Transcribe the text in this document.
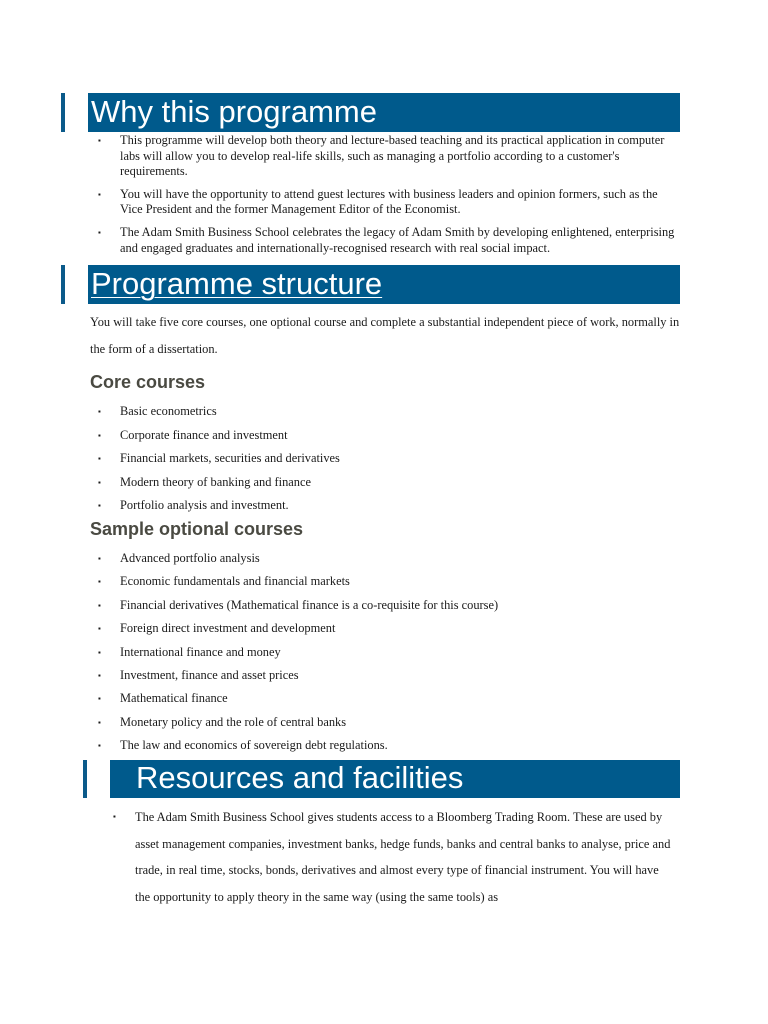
Why this programme
▪ This programme will develop both theory and lecture-based teaching and its practical application in computer labs will allow you to develop real-life skills, such as managing a portfolio according to a customer's requirements.
▪ You will have the opportunity to attend guest lectures with business leaders and opinion formers, such as the Vice President and the former Management Editor of the Economist.
▪ The Adam Smith Business School celebrates the legacy of Adam Smith by developing enlightened, enterprising and engaged graduates and internationally-recognised research with real social impact.
Programme structure
You will take five core courses, one optional course and complete a substantial independent piece of work, normally in the form of a dissertation.
Core courses
▪ Basic econometrics
▪ Corporate finance and investment
▪ Financial markets, securities and derivatives
▪ Modern theory of banking and finance
▪ Portfolio analysis and investment.
Sample optional courses
▪ Advanced portfolio analysis
▪ Economic fundamentals and financial markets
▪ Financial derivatives (Mathematical finance is a co-requisite for this course)
▪ Foreign direct investment and development
▪ International finance and money
▪ Investment, finance and asset prices
▪ Mathematical finance
▪ Monetary policy and the role of central banks
▪ The law and economics of sovereign debt regulations.
Resources and facilities
▪ The Adam Smith Business School gives students access to a Bloomberg Trading Room. These are used by asset management companies, investment banks, hedge funds, banks and central banks to analyse, price and trade, in real time, stocks, bonds, derivatives and almost every type of financial instrument. You will have the opportunity to apply theory in the same way (using the same tools) as
